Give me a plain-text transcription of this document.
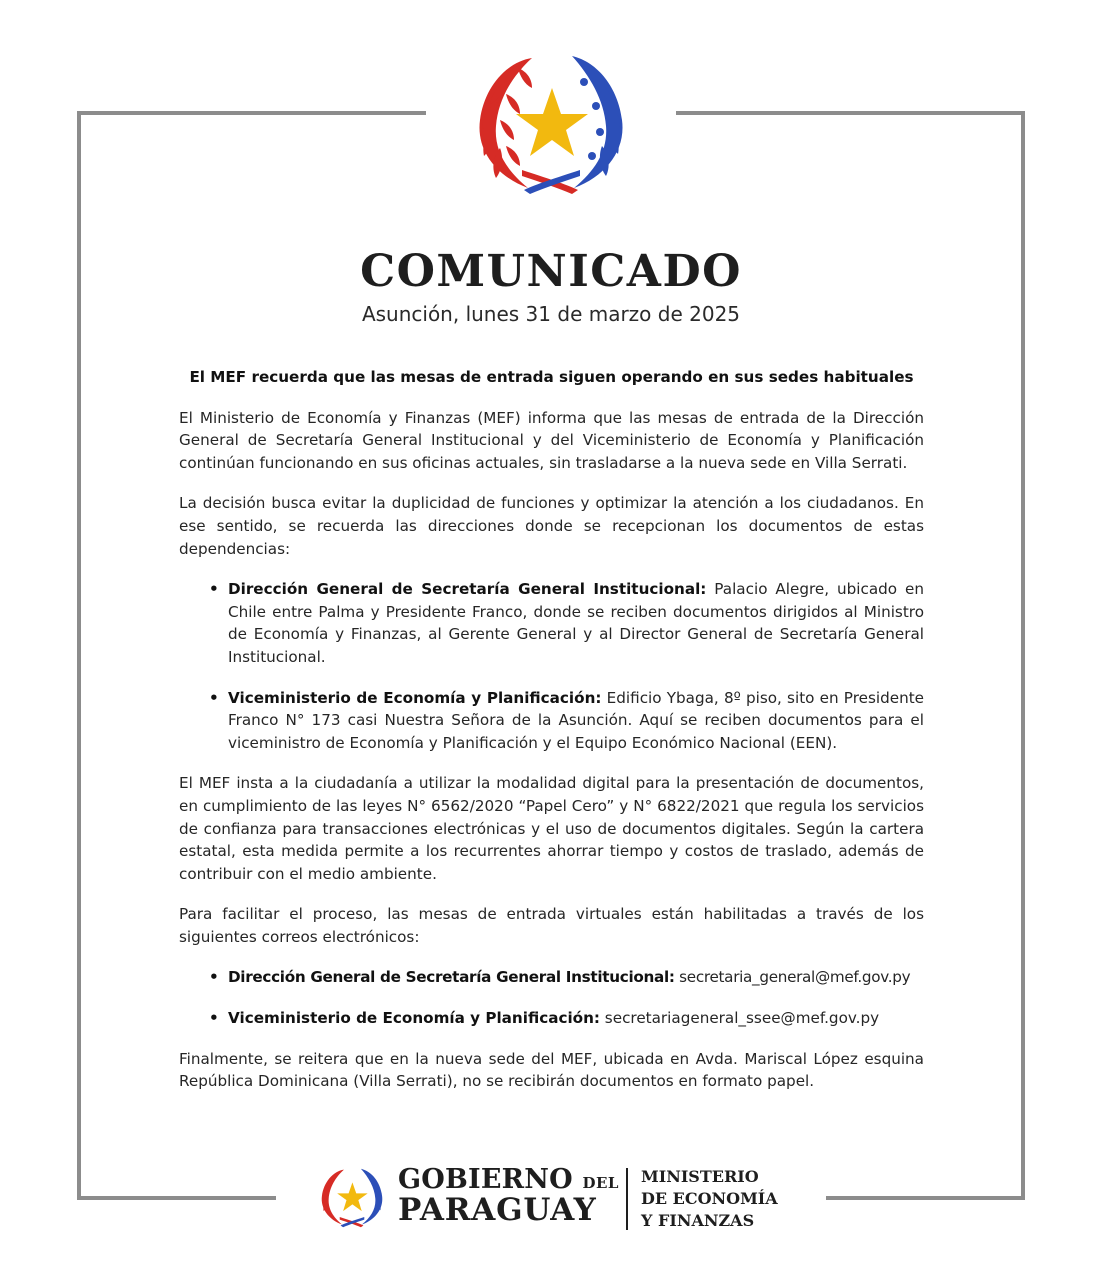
COMUNICADO
Asunción, lunes 31 de marzo de 2025
El MEF recuerda que las mesas de entrada siguen operando en sus sedes habituales

El Ministerio de Economía y Finanzas (MEF) informa que las mesas de entrada de la Dirección General de Secretaría General Institucional y del Viceministerio de Economía y Planificación continúan funcionando en sus oficinas actuales, sin trasladarse a la nueva sede en Villa Serrati.

La decisión busca evitar la duplicidad de funciones y optimizar la atención a los ciudadanos. En ese sentido, se recuerda las direcciones donde se recepcionan los documentos de estas dependencias:

• Dirección General de Secretaría General Institucional: Palacio Alegre, ubicado en Chile entre Palma y Presidente Franco, donde se reciben documentos dirigidos al Ministro de Economía y Finanzas, al Gerente General y al Director General de Secretaría General Institucional.
• Viceministerio de Economía y Planificación: Edificio Ybaga, 8º piso, sito en Presidente Franco N° 173 casi Nuestra Señora de la Asunción. Aquí se reciben documentos para el viceministro de Economía y Planificación y el Equipo Económico Nacional (EEN).

El MEF insta a la ciudadanía a utilizar la modalidad digital para la presentación de documentos, en cumplimiento de las leyes N° 6562/2020 “Papel Cero” y N° 6822/2021 que regula los servicios de confianza para transacciones electrónicas y el uso de documentos digitales. Según la cartera estatal, esta medida permite a los recurrentes ahorrar tiempo y costos de traslado, además de contribuir con el medio ambiente.

Para facilitar el proceso, las mesas de entrada virtuales están habilitadas a través de los siguientes correos electrónicos:

• Dirección General de Secretaría General Institucional: secretaria_general@mef.gov.py
• Viceministerio de Economía y Planificación: secretariageneral_ssee@mef.gov.py

Finalmente, se reitera que en la nueva sede del MEF, ubicada en Avda. Mariscal López esquina República Dominicana (Villa Serrati), no se recibirán documentos en formato papel.

GOBIERNO DEL
PARAGUAY
MINISTERIO
DE ECONOMÍA
Y FINANZAS
